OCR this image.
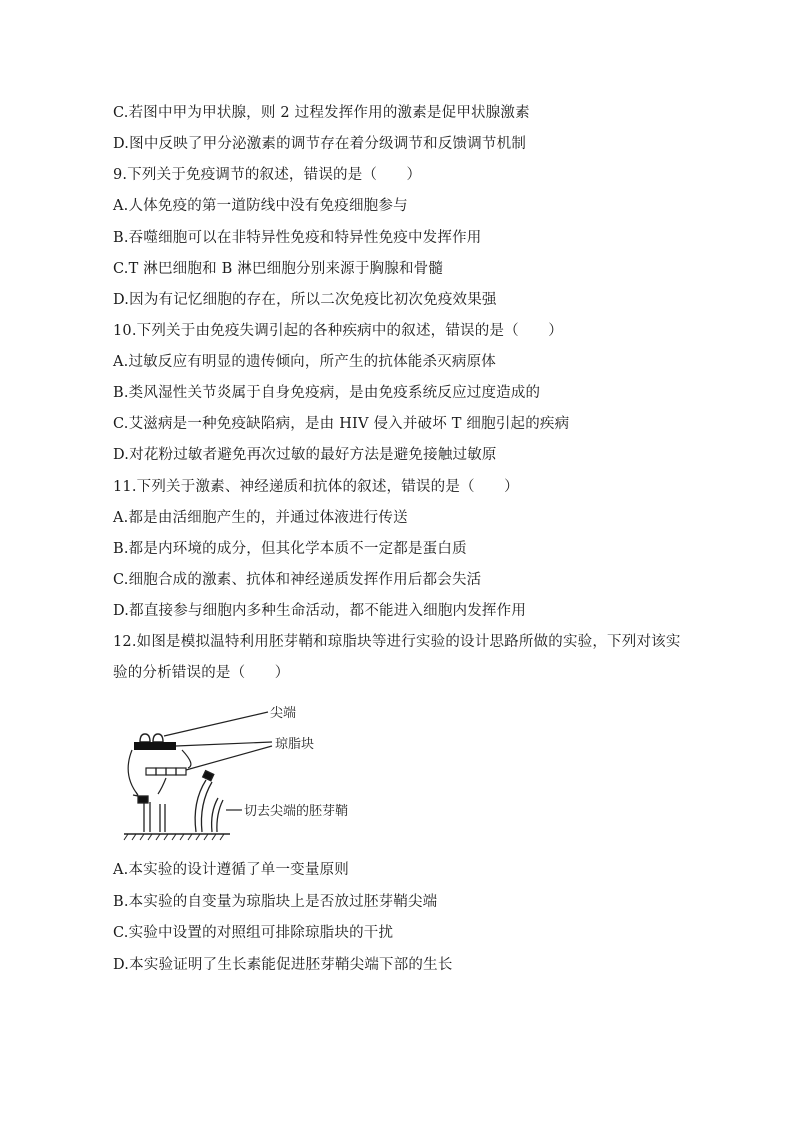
C.若图中甲为甲状腺，则 2 过程发挥作用的激素是促甲状腺激素
D.图中反映了甲分泌激素的调节存在着分级调节和反馈调节机制
9.下列关于免疫调节的叙述，错误的是（　　）
A.人体免疫的第一道防线中没有免疫细胞参与
B.吞噬细胞可以在非特异性免疫和特异性免疫中发挥作用
C.T 淋巴细胞和 B 淋巴细胞分别来源于胸腺和骨髓
D.因为有记忆细胞的存在，所以二次免疫比初次免疫效果强
10.下列关于由免疫失调引起的各种疾病中的叙述，错误的是（　　）
A.过敏反应有明显的遗传倾向，所产生的抗体能杀灭病原体
B.类风湿性关节炎属于自身免疫病，是由免疫系统反应过度造成的
C.艾滋病是一种免疫缺陷病，是由 HIV 侵入并破坏 T 细胞引起的疾病
D.对花粉过敏者避免再次过敏的最好方法是避免接触过敏原
11.下列关于激素、神经递质和抗体的叙述，错误的是（　　）
A.都是由活细胞产生的，并通过体液进行传送
B.都是内环境的成分，但其化学本质不一定都是蛋白质
C.细胞合成的激素、抗体和神经递质发挥作用后都会失活
D.都直接参与细胞内多种生命活动，都不能进入细胞内发挥作用
12.如图是模拟温特利用胚芽鞘和琼脂块等进行实验的设计思路所做的实验，下列对该实验的分析错误的是（　　）
尖端
琼脂块
切去尖端的胚芽鞘
A.本实验的设计遵循了单一变量原则
B.本实验的自变量为琼脂块上是否放过胚芽鞘尖端
C.实验中设置的对照组可排除琼脂块的干扰
D.本实验证明了生长素能促进胚芽鞘尖端下部的生长
